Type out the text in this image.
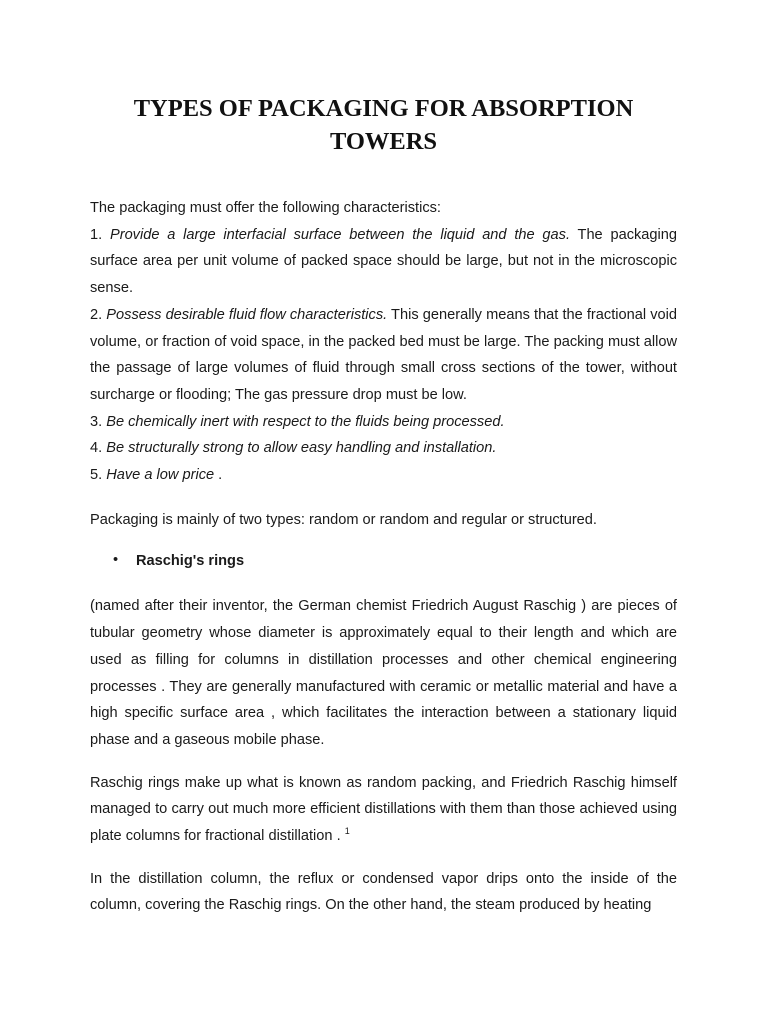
TYPES OF PACKAGING FOR ABSORPTION TOWERS

The packaging must offer the following characteristics:

1. Provide a large interfacial surface between the liquid and the gas. The packaging surface area per unit volume of packed space should be large, but not in the microscopic sense.

2. Possess desirable fluid flow characteristics. This generally means that the fractional void volume, or fraction of void space, in the packed bed must be large. The packing must allow the passage of large volumes of fluid through small cross sections of the tower, without surcharge or flooding; The gas pressure drop must be low.

3. Be chemically inert with respect to the fluids being processed.

4. Be structurally strong to allow easy handling and installation.

5. Have a low price .

Packaging is mainly of two types: random or random and regular or structured.

• Raschig's rings

(named after their inventor, the German chemist Friedrich August Raschig ) are pieces of tubular geometry whose diameter is approximately equal to their length and which are used as filling for columns in distillation processes and other chemical engineering processes . They are generally manufactured with ceramic or metallic material and have a high specific surface area , which facilitates the interaction between a stationary liquid phase and a gaseous mobile phase.

Raschig rings make up what is known as random packing, and Friedrich Raschig himself managed to carry out much more efficient distillations with them than those achieved using plate columns for fractional distillation . $^1$

In the distillation column, the reflux or condensed vapor drips onto the inside of the column, covering the Raschig rings. On the other hand, the steam produced by heating
